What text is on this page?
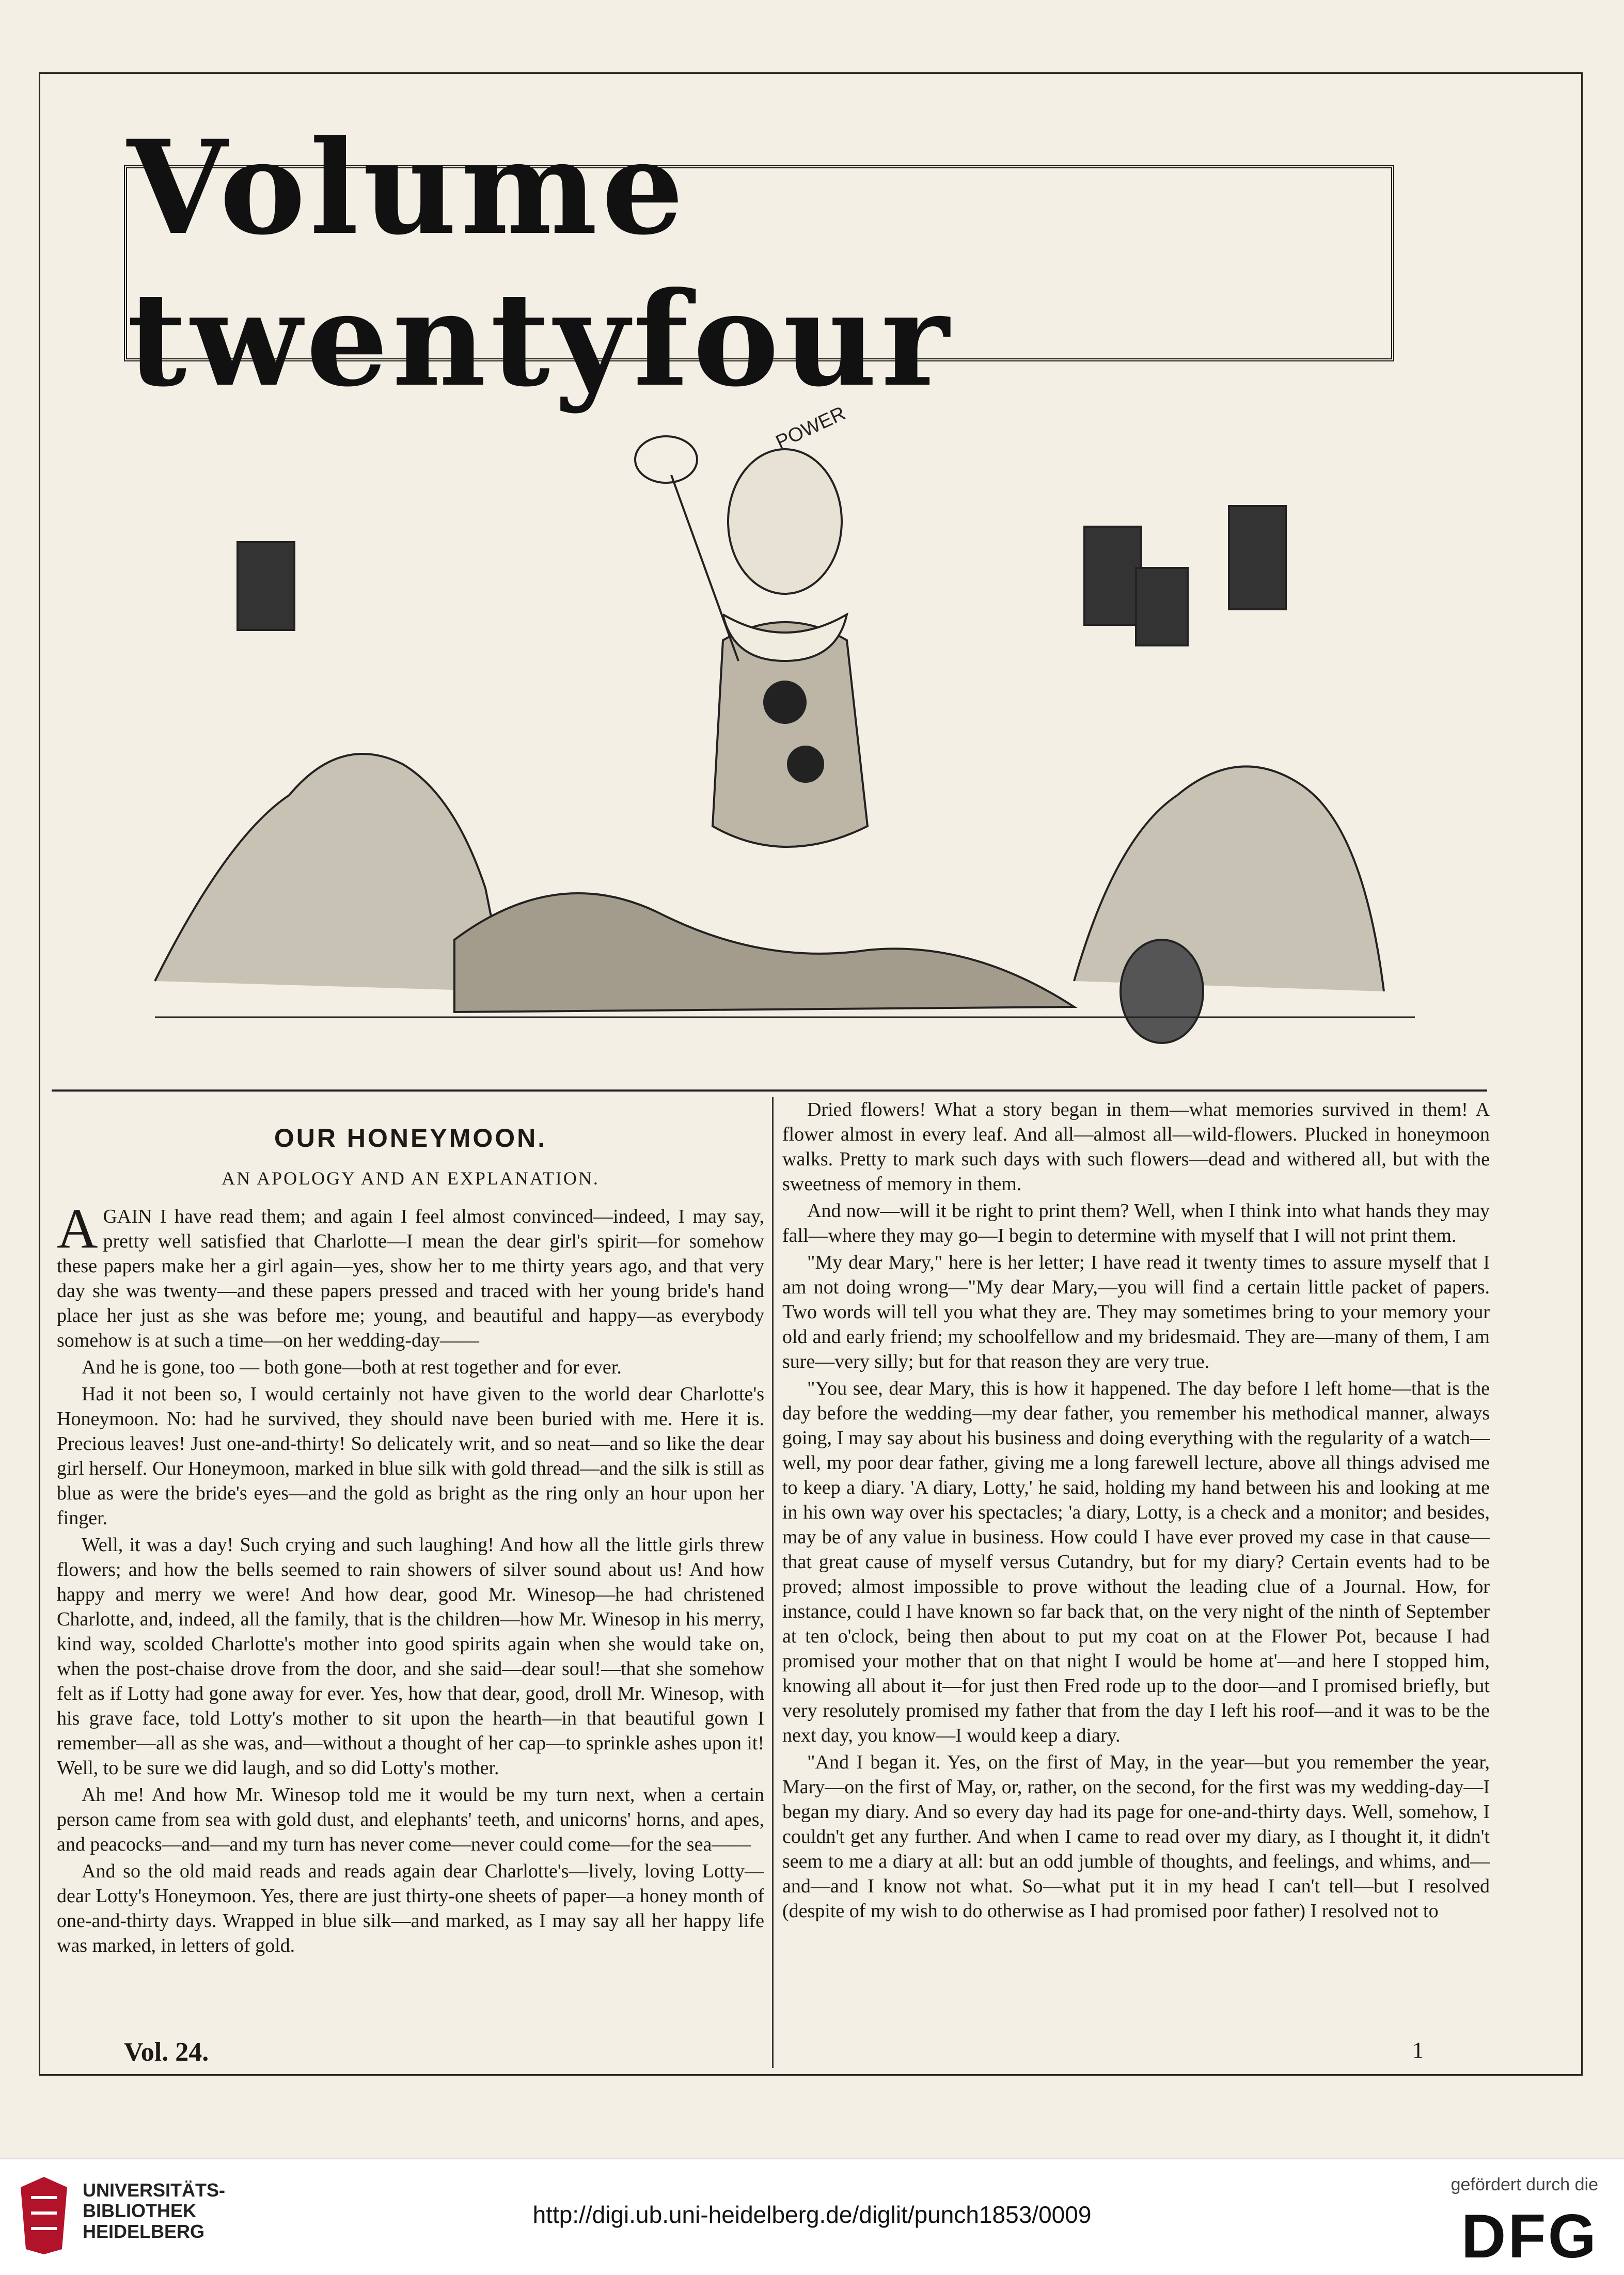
Volume twentyfour
POWER
OUR HONEYMOON.
AN APOLOGY AND AN EXPLANATION.

AGAIN I have read them; and again I feel almost convinced—indeed, I may say, pretty well satisfied that Charlotte—I mean the dear girl's spirit—for somehow these papers make her a girl again—yes, show her to me thirty years ago, and that very day she was twenty—and these papers pressed and traced with her young bride's hand place her just as she was before me; young, and beautiful and happy—as everybody somehow is at such a time—on her wedding-day——

And he is gone, too — both gone—both at rest together and for ever.

Had it not been so, I would certainly not have given to the world dear Charlotte's Honeymoon. No: had he survived, they should nave been buried with me. Here it is. Precious leaves! Just one-and-thirty! So delicately writ, and so neat—and so like the dear girl herself. Our Honeymoon, marked in blue silk with gold thread—and the silk is still as blue as were the bride's eyes—and the gold as bright as the ring only an hour upon her finger.

Well, it was a day! Such crying and such laughing! And how all the little girls threw flowers; and how the bells seemed to rain showers of silver sound about us! And how happy and merry we were! And how dear, good Mr. Winesop—he had christened Charlotte, and, indeed, all the family, that is the children—how Mr. Winesop in his merry, kind way, scolded Charlotte's mother into good spirits again when she would take on, when the post-chaise drove from the door, and she said—dear soul!—that she somehow felt as if Lotty had gone away for ever. Yes, how that dear, good, droll Mr. Winesop, with his grave face, told Lotty's mother to sit upon the hearth—in that beautiful gown I remember—all as she was, and—without a thought of her cap—to sprinkle ashes upon it! Well, to be sure we did laugh, and so did Lotty's mother.

Ah me! And how Mr. Winesop told me it would be my turn next, when a certain person came from sea with gold dust, and elephants' teeth, and unicorns' horns, and apes, and peacocks—and—and my turn has never come—never could come—for the sea——

And so the old maid reads and reads again dear Charlotte's—lively, loving Lotty—dear Lotty's Honeymoon. Yes, there are just thirty-one sheets of paper—a honey month of one-and-thirty days. Wrapped in blue silk—and marked, as I may say all her happy life was marked, in letters of gold.

Dried flowers! What a story began in them—what memories survived in them! A flower almost in every leaf. And all—almost all—wild-flowers. Plucked in honeymoon walks. Pretty to mark such days with such flowers—dead and withered all, but with the sweetness of memory in them.

And now—will it be right to print them? Well, when I think into what hands they may fall—where they may go—I begin to determine with myself that I will not print them.

"My dear Mary," here is her letter; I have read it twenty times to assure myself that I am not doing wrong—"My dear Mary,—you will find a certain little packet of papers. Two words will tell you what they are. They may sometimes bring to your memory your old and early friend; my schoolfellow and my bridesmaid. They are—many of them, I am sure—very silly; but for that reason they are very true.

"You see, dear Mary, this is how it happened. The day before I left home—that is the day before the wedding—my dear father, you remember his methodical manner, always going, I may say about his business and doing everything with the regularity of a watch—well, my poor dear father, giving me a long farewell lecture, above all things advised me to keep a diary. 'A diary, Lotty,' he said, holding my hand between his and looking at me in his own way over his spectacles; 'a diary, Lotty, is a check and a monitor; and besides, may be of any value in business. How could I have ever proved my case in that cause—that great cause of myself versus Cutandry, but for my diary? Certain events had to be proved; almost impossible to prove without the leading clue of a Journal. How, for instance, could I have known so far back that, on the very night of the ninth of September at ten o'clock, being then about to put my coat on at the Flower Pot, because I had promised your mother that on that night I would be home at'—and here I stopped him, knowing all about it—for just then Fred rode up to the door—and I promised briefly, but very resolutely promised my father that from the day I left his roof—and it was to be the next day, you know—I would keep a diary.

"And I began it. Yes, on the first of May, in the year—but you remember the year, Mary—on the first of May, or, rather, on the second, for the first was my wedding-day—I began my diary. And so every day had its page for one-and-thirty days. Well, somehow, I couldn't get any further. And when I came to read over my diary, as I thought it, it didn't seem to me a diary at all: but an odd jumble of thoughts, and feelings, and whims, and—and—and I know not what. So—what put it in my head I can't tell—but I resolved (despite of my wish to do otherwise as I had promised poor father) I resolved not to

Vol. 24.	1
UNIVERSITÄTS-
BIBLIOTHEK
HEIDELBERG
http://digi.ub.uni-heidelberg.de/diglit/punch1853/0009
gefördert durch die
DFG
